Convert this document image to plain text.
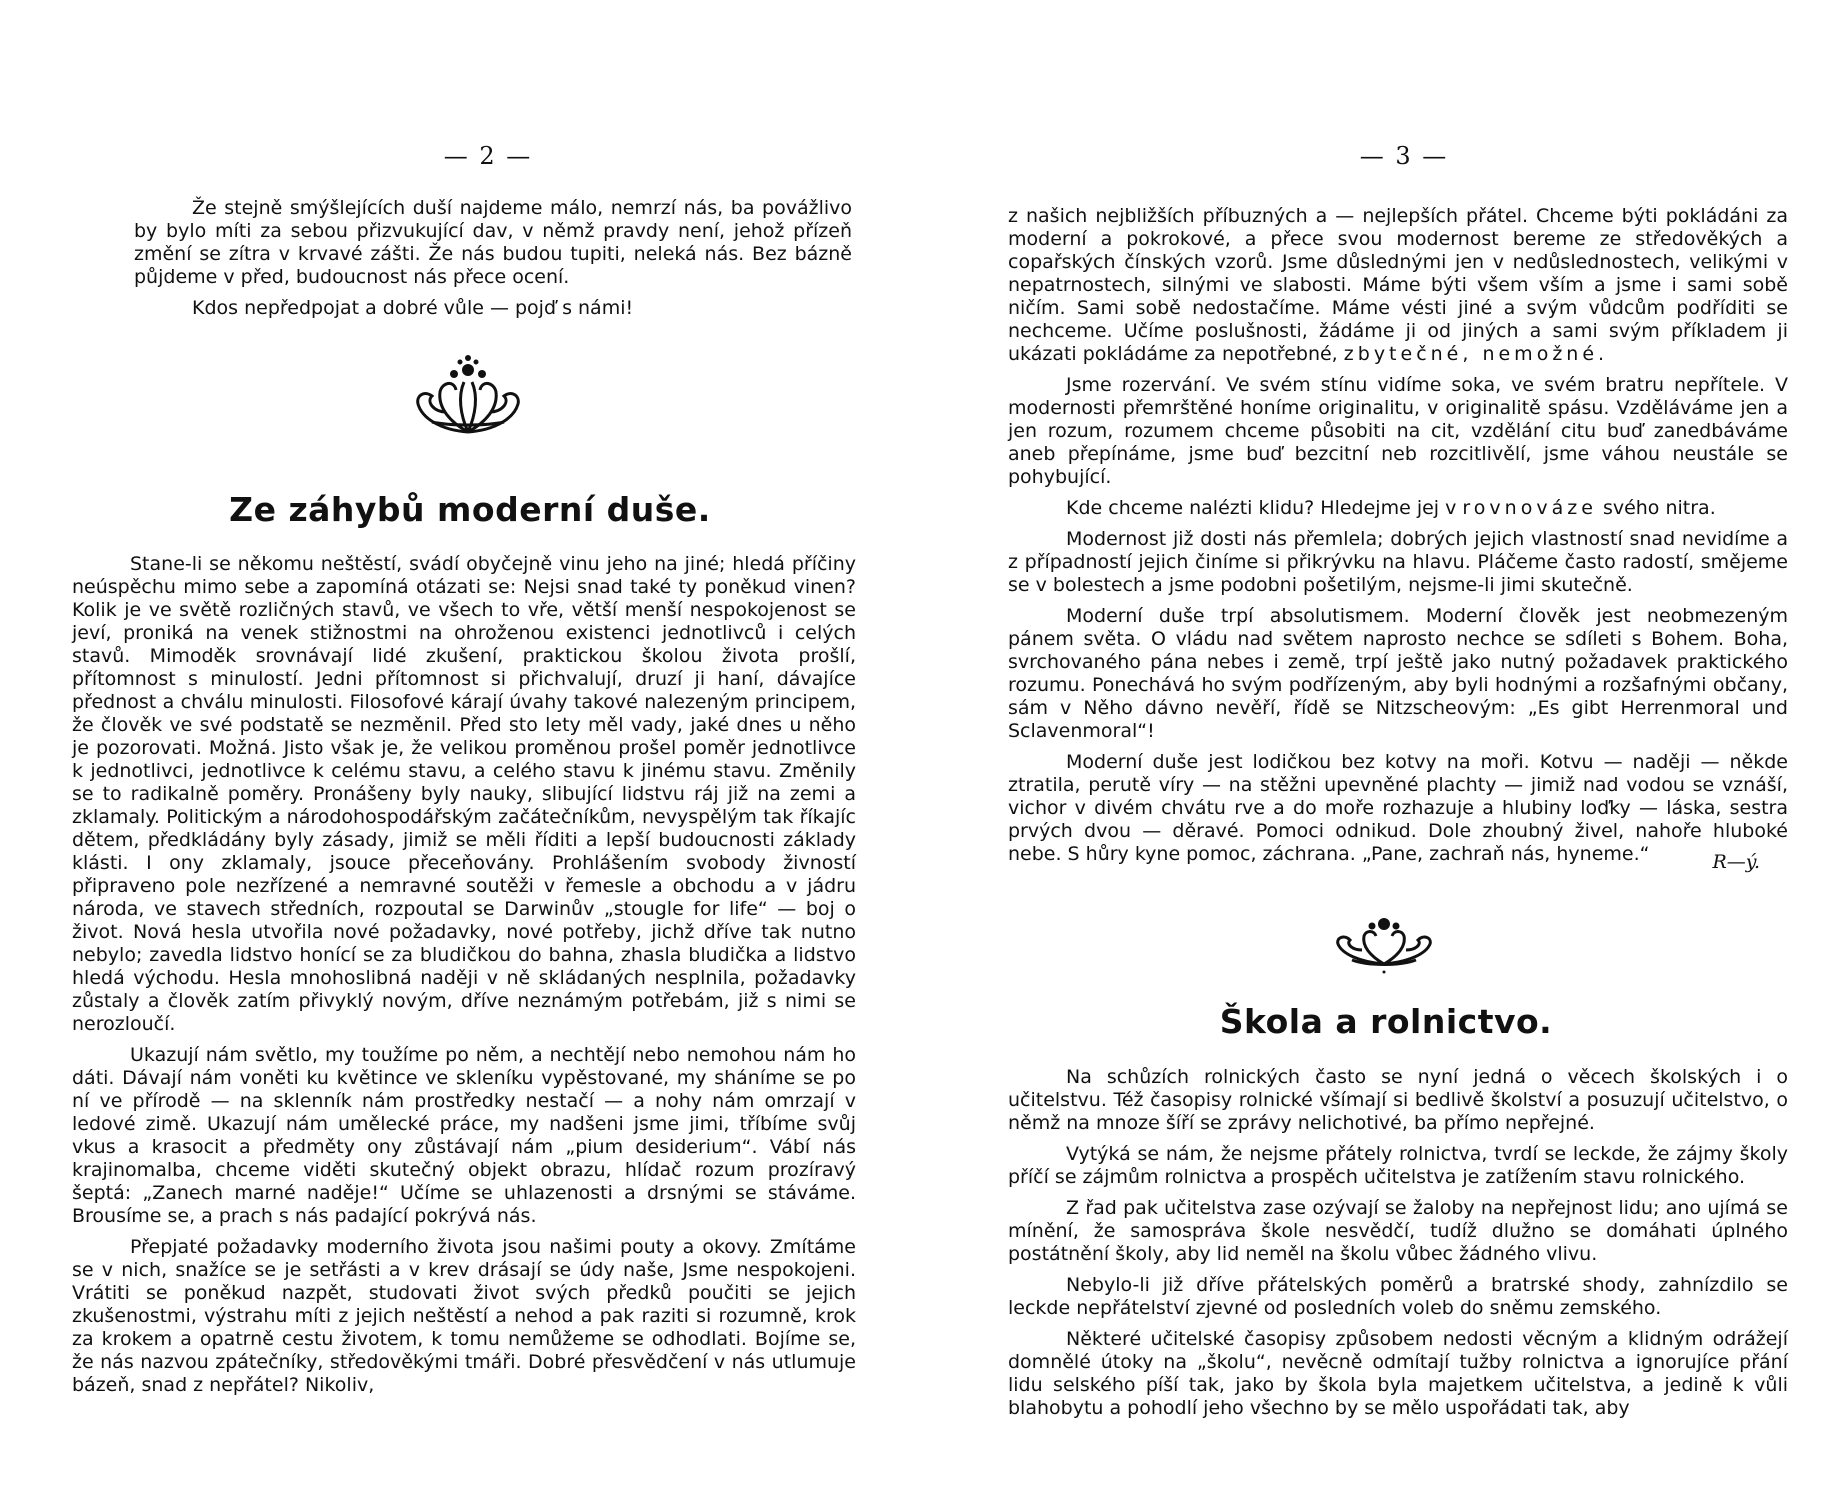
— 2 —

Že stejně smýšlejících duší najdeme málo, nemrzí nás, ba povážlivo by bylo míti za sebou přizvukující dav, v němž pravdy není, jehož přízeň změní se zítra v krvavé zášti. Že nás budou tupiti, neleká nás. Bez bázně půjdeme v před, budoucnost nás přece ocení.

Kdos nepředpojat a dobré vůle — pojď s námi!

Ze záhybů moderní duše.

Stane-li se někomu neštěstí, svádí obyčejně vinu jeho na jiné; hledá příčiny neúspěchu mimo sebe a zapomíná otázati se: Nejsi snad také ty poněkud vinen? Kolik je ve světě rozličných stavů, ve všech to vře, větší menší nespokojenost se jeví, proniká na venek stižnostmi na ohroženou existenci jednotlivců i celých stavů. Mimoděk srovnávají lidé zkušení, praktickou školou života prošlí, přítomnost s minulostí. Jedni přítomnost si přichvalují, druzí ji haní, dávajíce přednost a chválu minulosti. Filosofové kárají úvahy takové nalezeným principem, že člověk ve své podstatě se nezměnil. Před sto lety měl vady, jaké dnes u něho je pozorovati. Možná. Jisto však je, že velikou proměnou prošel poměr jednotlivce k jednotlivci, jednotlivce k celému stavu, a celého stavu k jinému stavu. Změnily se to radikalně poměry. Pronášeny byly nauky, slibující lidstvu ráj již na zemi a zklamaly. Politickým a národohospodářským začátečníkům, nevyspělým tak říkajíc dětem, předkládány byly zásady, jimiž se měli říditi a lepší budoucnosti základy klásti. I ony zklamaly, jsouce přeceňovány. Prohlášením svobody živností připraveno pole nezřízené a nemravné soutěži v řemesle a obchodu a v jádru národa, ve stavech středních, rozpoutal se Darwinův „stougle for life“ — boj o život. Nová hesla utvořila nové požadavky, nové potřeby, jichž dříve tak nutno nebylo; zavedla lidstvo honící se za bludičkou do bahna, zhasla bludička a lidstvo hledá východu. Hesla mnohoslibná naději v ně skládaných nesplnila, požadavky zůstaly a člověk zatím přivyklý novým, dříve neznámým potřebám, již s nimi se nerozloučí.

Ukazují nám světlo, my toužíme po něm, a nechtějí nebo nemohou nám ho dáti. Dávají nám voněti ku květince ve skleníku vypěstované, my sháníme se po ní ve přírodě — na sklenník nám prostředky nestačí — a nohy nám omrzají v ledové zimě. Ukazují nám umělecké práce, my nadšeni jsme jimi, tříbíme svůj vkus a krasocit a předměty ony zůstávají nám „pium desiderium“. Vábí nás krajinomalba, chceme viděti skutečný objekt obrazu, hlídač rozum prozíravý šeptá: „Zanech marné naděje!“ Učíme se uhlazenosti a drsnými se stáváme. Brousíme se, a prach s nás padající pokrývá nás.

Přepjaté požadavky moderního života jsou našimi pouty a okovy. Zmítáme se v nich, snažíce se je setřásti a v krev drásají se údy naše, Jsme nespokojeni. Vrátiti se poněkud nazpět, studovati život svých předků poučiti se jejich zkušenostmi, výstrahu míti z jejich neštěstí a nehod a pak raziti si rozumně, krok za krokem a opatrně cestu životem, k tomu nemůžeme se odhodlati. Bojíme se, že nás nazvou zpátečníky, středověkými tmáři. Dobré přesvědčení v nás utlumuje bázeň, snad z nepřátel? Nikoliv,

— 3 —

z našich nejbližších příbuzných a — nejlepších přátel. Chceme býti pokládáni za moderní a pokrokové, a přece svou modernost bereme ze středověkých a copařských čínských vzorů. Jsme důslednými jen v nedůslednostech, velikými v nepatrnostech, silnými ve slabosti. Máme býti všem vším a jsme i sami sobě ničím. Sami sobě nedostačíme. Máme vésti jiné a svým vůdcům podříditi se nechceme. Učíme poslušnosti, žádáme ji od jiných a sami svým příkladem ji ukázati pokládáme za nepotřebné, zbytečné, nemožné.

Jsme rozervání. Ve svém stínu vidíme soka, ve svém bratru nepřítele. V modernosti přemrštěné honíme originalitu, v originalitě spásu. Vzděláváme jen a jen rozum, rozumem chceme působiti na cit, vzdělání citu buď zanedbáváme aneb přepínáme, jsme buď bezcitní neb rozcitlivělí, jsme váhou neustále se pohybující.

Kde chceme nalézti klidu? Hledejme jej v rovnováze svého nitra.

Modernost již dosti nás přemlela; dobrých jejich vlastností snad nevidíme a z případností jejich činíme si přikrývku na hlavu. Pláčeme často radostí, smějeme se v bolestech a jsme podobni pošetilým, nejsme-li jimi skutečně.

Moderní duše trpí absolutismem. Moderní člověk jest neobmezeným pánem světa. O vládu nad světem naprosto nechce se sdíleti s Bohem. Boha, svrchovaného pána nebes i země, trpí ještě jako nutný požadavek praktického rozumu. Ponechává ho svým podřízeným, aby byli hodnými a rozšafnými občany, sám v Něho dávno nevěří, řídě se Nitzscheovým: „Es gibt Herrenmoral und Sclavenmoral“!

Moderní duše jest lodičkou bez kotvy na moři. Kotvu — naději — někde ztratila, perutě víry — na stěžni upevněné plachty — jimiž nad vodou se vznáší, vichor v divém chvátu rve a do moře rozhazuje a hlubiny loďky — láska, sestra prvých dvou — děravé. Pomoci odnikud. Dole zhoubný živel, nahoře hluboké nebe. S hůry kyne pomoc, záchrana. „Pane, zachraň nás, hyneme.“	R—ý.
Škola a rolnictvo.

Na schůzích rolnických často se nyní jedná o věcech školských i o učitelstvu. Též časopisy rolnické všímají si bedlivě školství a posuzují učitelstvo, o němž na mnoze šíří se zprávy nelichotivé, ba přímo nepřejné.

Vytýká se nám, že nejsme přátely rolnictva, tvrdí se leckde, že zájmy školy příčí se zájmům rolnictva a prospěch učitelstva je zatížením stavu rolnického.

Z řad pak učitelstva zase ozývají se žaloby na nepřejnost lidu; ano ujímá se mínění, že samospráva škole nesvědčí, tudíž dlužno se domáhati úplného postátnění školy, aby lid neměl na školu vůbec žádného vlivu.

Nebylo-li již dříve přátelských poměrů a bratrské shody, zahnízdilo se leckde nepřátelství zjevné od posledních voleb do sněmu zemského.

Některé učitelské časopisy způsobem nedosti věcným a klidným odrážejí domnělé útoky na „školu“, nevěcně odmítají tužby rolnictva a ignorujíce přání lidu selského píší tak, jako by škola byla majetkem učitelstva, a jedině k vůli blahobytu a pohodlí jeho všechno by se mělo uspořádati tak, aby
